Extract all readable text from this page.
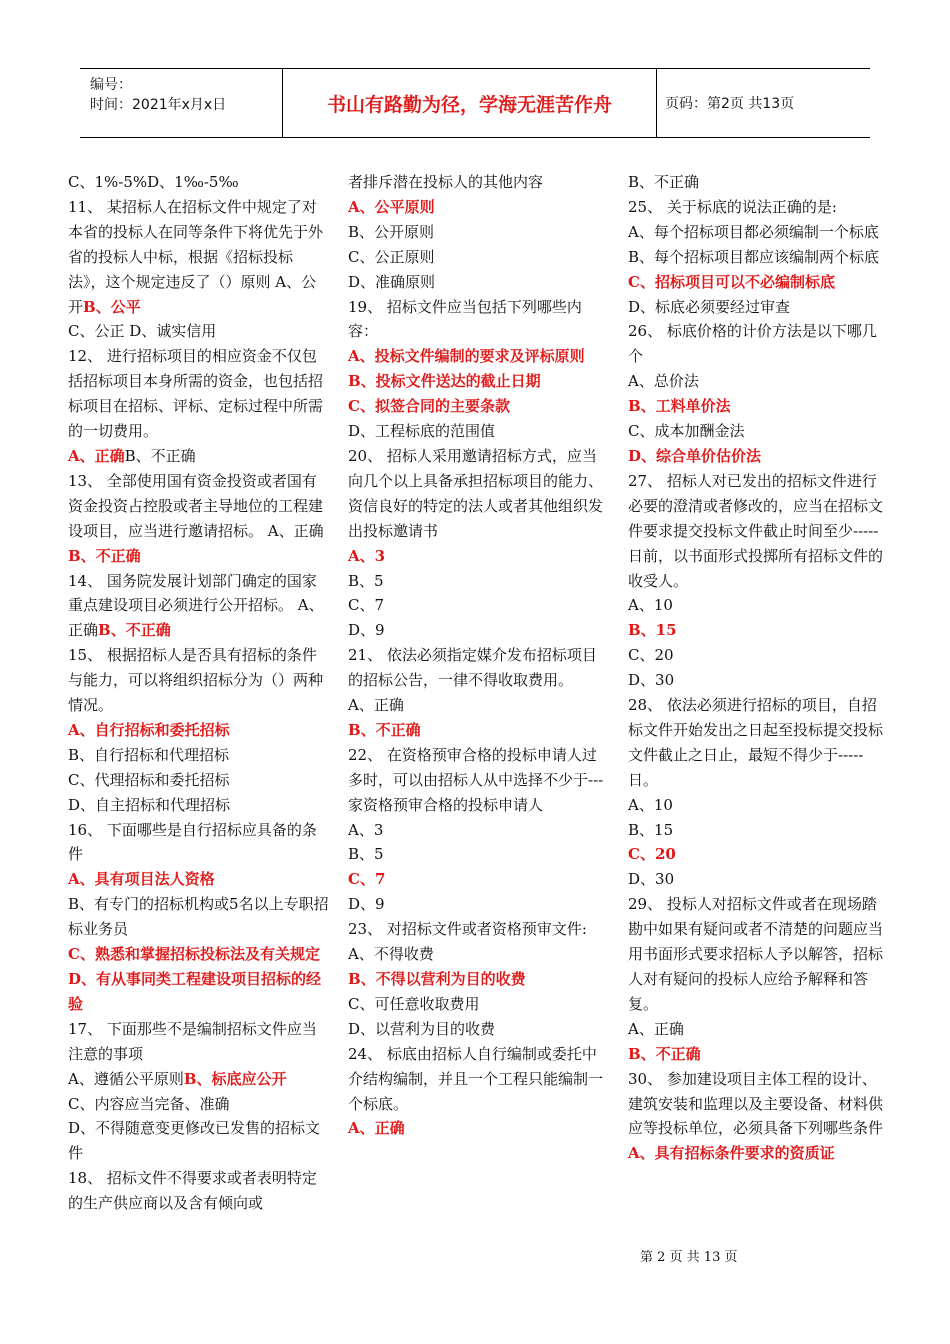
编号：
时间：2021年x月x日	书山有路勤为径，学海无涯苦作舟	页码：第2页 共13页

C、1%-5%D、1‰-5‰

11、 某招标人在招标文件中规定了对本省的投标人在同等条件下将优先于外省的投标人中标，根据《招标投标法》，这个规定违反了（）原则 A、公开B、公平

C、公正 D、诚实信用

12、 进行招标项目的相应资金不仅包括招标项目本身所需的资金，也包括招标项目在招标、评标、定标过程中所需的一切费用。

A、正确B、不正确

13、 全部使用国有资金投资或者国有资金投资占控股或者主导地位的工程建设项目，应当进行邀请招标。 A、正确B、不正确

14、 国务院发展计划部门确定的国家重点建设项目必须进行公开招标。 A、正确B、不正确

15、 根据招标人是否具有招标的条件与能力，可以将组织招标分为（）两种情况。

A、自行招标和委托招标

B、自行招标和代理招标

C、代理招标和委托招标

D、自主招标和代理招标

16、 下面哪些是自行招标应具备的条件

A、具有项目法人资格

B、有专门的招标机构或5名以上专职招标业务员

C、熟悉和掌握招标投标法及有关规定

D、有从事同类工程建设项目招标的经验

17、 下面那些不是编制招标文件应当注意的事项

A、遵循公平原则B、标底应公开

C、内容应当完备、准确

D、不得随意变更修改已发售的招标文件

18、 招标文件不得要求或者表明特定的生产供应商以及含有倾向或

者排斥潜在投标人的其他内容

A、公平原则

B、公开原则

C、公正原则

D、准确原则

19、 招标文件应当包括下列哪些内容：

A、投标文件编制的要求及评标原则

B、投标文件送达的截止日期

C、拟签合同的主要条款

D、工程标底的范围值

20、 招标人采用邀请招标方式，应当向几个以上具备承担招标项目的能力、资信良好的特定的法人或者其他组织发出投标邀请书

A、3

B、5

C、7

D、9

21、 依法必须指定媒介发布招标项目的招标公告，一律不得收取费用。

A、正确

B、不正确

22、 在资格预审合格的投标申请人过多时，可以由招标人从中选择不少于---家资格预审合格的投标申请人

A、3

B、5

C、7

D、9

23、 对招标文件或者资格预审文件:

A、不得收费

B、不得以营利为目的收费

C、可任意收取费用

D、以营利为目的收费

24、 标底由招标人自行编制或委托中介结构编制，并且一个工程只能编制一个标底。

A、正确

B、不正确

25、 关于标底的说法正确的是:

A、每个招标项目都必须编制一个标底

B、每个招标项目都应该编制两个标底

C、招标项目可以不必编制标底

D、标底必须要经过审查

26、 标底价格的计价方法是以下哪几个

A、总价法

B、工料单价法

C、成本加酬金法

D、综合单价估价法

27、 招标人对已发出的招标文件进行必要的澄清或者修改的，应当在招标文件要求提交投标文件截止时间至少-----日前，以书面形式投掷所有招标文件的收受人。

A、10

B、15

C、20

D、30

28、 依法必须进行招标的项目，自招标文件开始发出之日起至投标提交投标文件截止之日止，最短不得少于-----日。

A、10

B、15

C、20

D、30

29、 投标人对招标文件或者在现场踏勘中如果有疑问或者不清楚的问题应当用书面形式要求招标人予以解答，招标人对有疑问的投标人应给予解释和答复。

A、正确

B、不正确

30、 参加建设项目主体工程的设计、建筑安装和监理以及主要设备、材料供应等投标单位，必须具备下列哪些条件

A、具有招标条件要求的资质证

第 2 页 共 13 页
